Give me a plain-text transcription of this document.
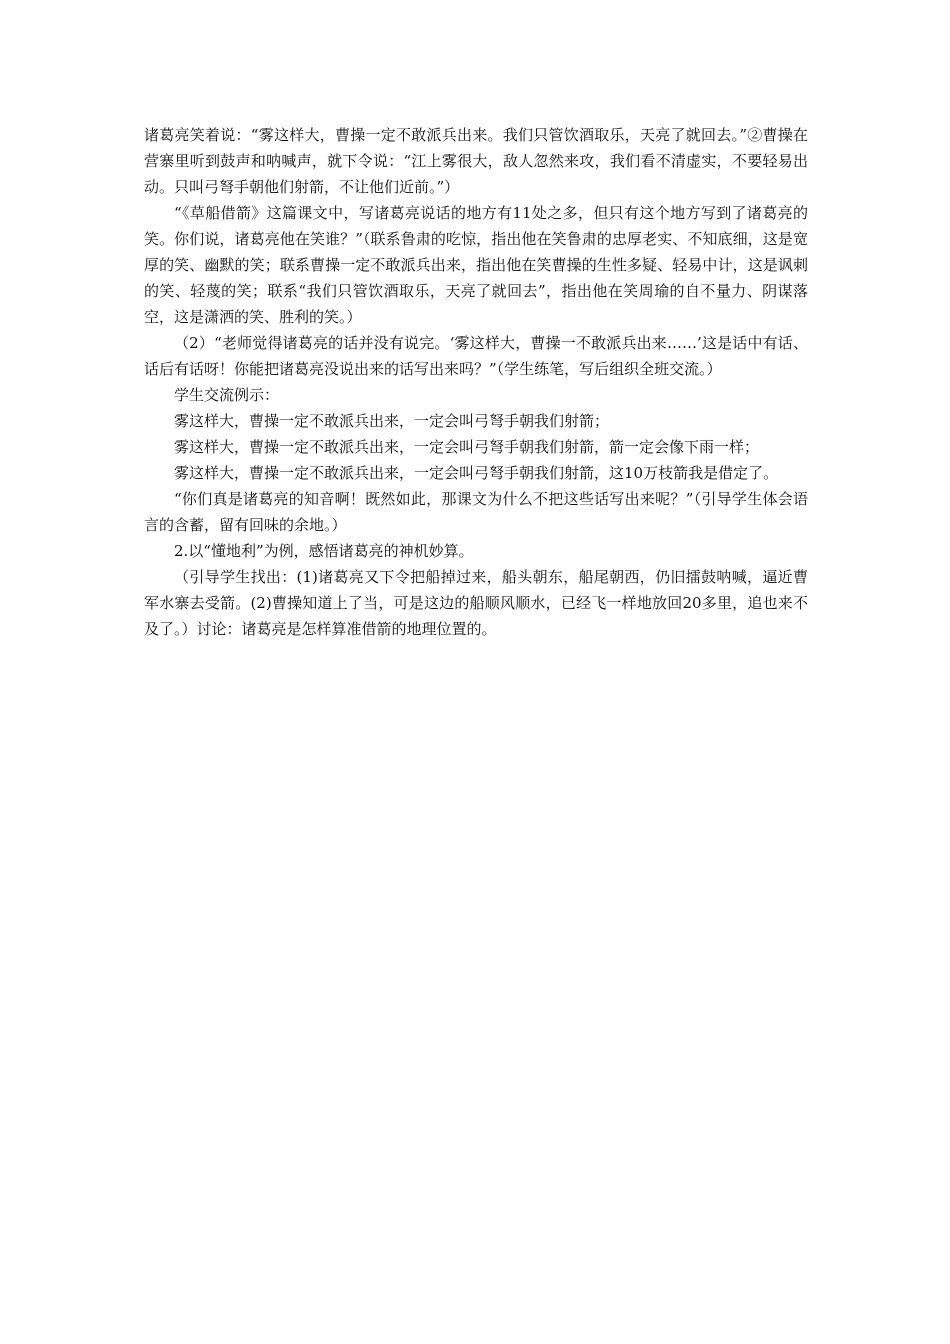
诸葛亮笑着说：“雾这样大，曹操一定不敢派兵出来。我们只管饮酒取乐，天亮了就回去。”②曹操在营寨里听到鼓声和呐喊声，就下令说：“江上雾很大，敌人忽然来攻，我们看不清虚实，不要轻易出动。只叫弓弩手朝他们射箭，不让他们近前。”）

“《草船借箭》这篇课文中，写诸葛亮说话的地方有11处之多，但只有这个地方写到了诸葛亮的笑。你们说，诸葛亮他在笑谁？”（联系鲁肃的吃惊，指出他在笑鲁肃的忠厚老实、不知底细，这是宽厚的笑、幽默的笑；联系曹操一定不敢派兵出来，指出他在笑曹操的生性多疑、轻易中计，这是讽刺的笑、轻蔑的笑；联系“我们只管饮酒取乐，天亮了就回去”，指出他在笑周瑜的自不量力、阴谋落空，这是潇洒的笑、胜利的笑。）

（2）“老师觉得诸葛亮的话并没有说完。‘雾这样大，曹操一不敢派兵出来……’这是话中有话、话后有话呀！你能把诸葛亮没说出来的话写出来吗？”（学生练笔，写后组织全班交流。）

学生交流例示：

雾这样大，曹操一定不敢派兵出来，一定会叫弓弩手朝我们射箭；

雾这样大，曹操一定不敢派兵出来，一定会叫弓弩手朝我们射箭，箭一定会像下雨一样；

雾这样大，曹操一定不敢派兵出来，一定会叫弓弩手朝我们射箭，这10万枝箭我是借定了。

“你们真是诸葛亮的知音啊！既然如此，那课文为什么不把这些话写出来呢？”（引导学生体会语言的含蓄，留有回味的余地。）

2.以“懂地利”为例，感悟诸葛亮的神机妙算。

（引导学生找出：(1)诸葛亮又下令把船掉过来，船头朝东，船尾朝西，仍旧擂鼓呐喊，逼近曹军水寨去受箭。(2)曹操知道上了当，可是这边的船顺风顺水，已经飞一样地放回20多里，追也来不及了。）讨论：诸葛亮是怎样算准借箭的地理位置的。
